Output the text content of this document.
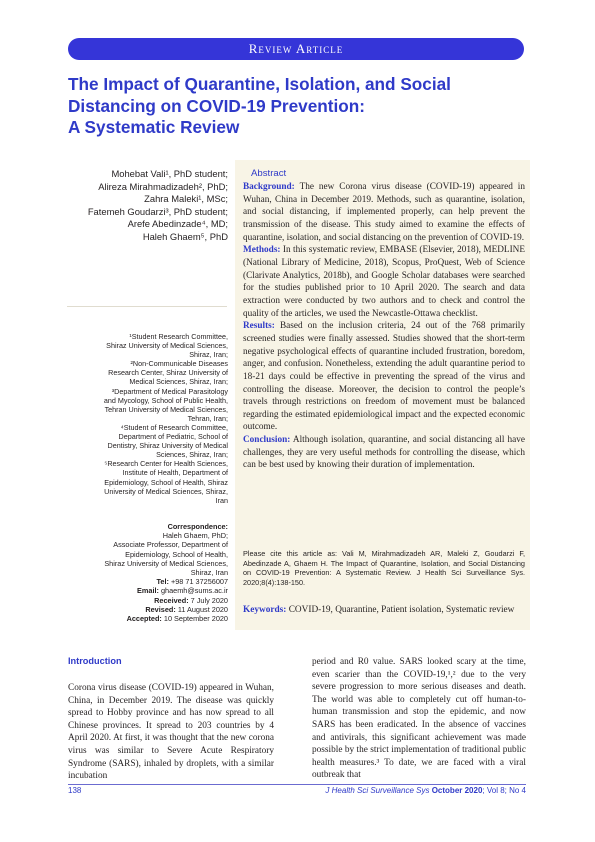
Review Article
The Impact of Quarantine, Isolation, and Social
Distancing on COVID-19 Prevention:
A Systematic Review
Mohebat Vali¹, PhD student;
Alireza Mirahmadizadeh², PhD;
Zahra Maleki¹, MSc;
Fatemeh Goudarzi³, PhD student;
Arefe Abedinzade⁴, MD;
Haleh Ghaem⁵, PhD
¹Student Research Committee,
Shiraz University of Medical Sciences,
Shiraz, Iran;
²Non-Communicable Diseases
Research Center, Shiraz University of
Medical Sciences, Shiraz, Iran;
³Department of Medical Parasitology
and Mycology, School of Public Health,
Tehran University of Medical Sciences,
Tehran, Iran;
⁴Student of Research Committee,
Department of Pediatric, School of
Dentistry, Shiraz University of Medical
Sciences, Shiraz, Iran;
⁵Research Center for Health Sciences,
Institute of Health, Department of
Epidemiology, School of Health, Shiraz
University of Medical Sciences, Shiraz,
Iran
Correspondence:
Haleh Ghaem, PhD;
Associate Professor, Department of
Epidemiology, School of Health,
Shiraz University of Medical Sciences,
Shiraz, Iran
Tel: +98 71 37256007
Email: ghaemh@sums.ac.ir
Received: 7 July 2020
Revised: 11 August 2020
Accepted: 10 September 2020
Abstract

Background: The new Corona virus disease (COVID-19) appeared in Wuhan, China in December 2019. Methods, such as quarantine, isolation, and social distancing, if implemented properly, can help prevent the transmission of the disease. This study aimed to examine the effects of quarantine, isolation, and social distancing on the prevention of COVID-19.

Methods: In this systematic review, EMBASE (Elsevier, 2018), MEDLINE (National Library of Medicine, 2018), Scopus, ProQuest, Web of Science (Clarivate Analytics, 2018b), and Google Scholar databases were searched for the studies published prior to 10 April 2020. The search and data extraction were conducted by two authors and to check and control the quality of the articles, we used the Newcastle-Ottawa checklist.

Results: Based on the inclusion criteria, 24 out of the 768 primarily screened studies were finally assessed. Studies showed that the short-term negative psychological effects of quarantine included frustration, boredom, anger, and confusion. Nonetheless, extending the adult quarantine period to 18-21 days could be effective in preventing the spread of the virus and controlling the disease. Moreover, the decision to control the people’s travels through restrictions on freedom of movement must be balanced regarding the estimated epidemiological impact and the expected economic outcome.

Conclusion: Although isolation, quarantine, and social distancing all have challenges, they are very useful methods for controlling the disease, which can be best used by knowing their duration of implementation.

Please cite this article as: Vali M, Mirahmadizadeh AR, Maleki Z, Goudarzi F, Abedinzade A, Ghaem H. The Impact of Quarantine, Isolation, and Social Distancing on COVID-19 Prevention: A Systematic Review. J Health Sci Surveillance Sys. 2020;8(4):138-150.
Keywords: COVID-19, Quarantine, Patient isolation, Systematic review
Introduction

Corona virus disease (COVID-19) appeared in Wuhan, China, in December 2019. The disease was quickly spread to Hobby province and has now spread to all Chinese provinces. It spread to 203 countries by 4 April 2020. At first, it was thought that the new corona virus was similar to Severe Acute Respiratory Syndrome (SARS), inhaled by droplets, with a similar incubation

period and R0 value. SARS looked scary at the time, even scarier than the COVID-19,¹,² due to the very severe progression to more serious diseases and death. The world was able to completely cut off human-to-human transmission and stop the epidemic, and now SARS has been eradicated. In the absence of vaccines and antivirals, this significant achievement was made possible by the strict implementation of traditional public health measures.³ To date, we are faced with a viral outbreak that

138	J Health Sci Surveillance Sys October 2020; Vol 8; No 4
